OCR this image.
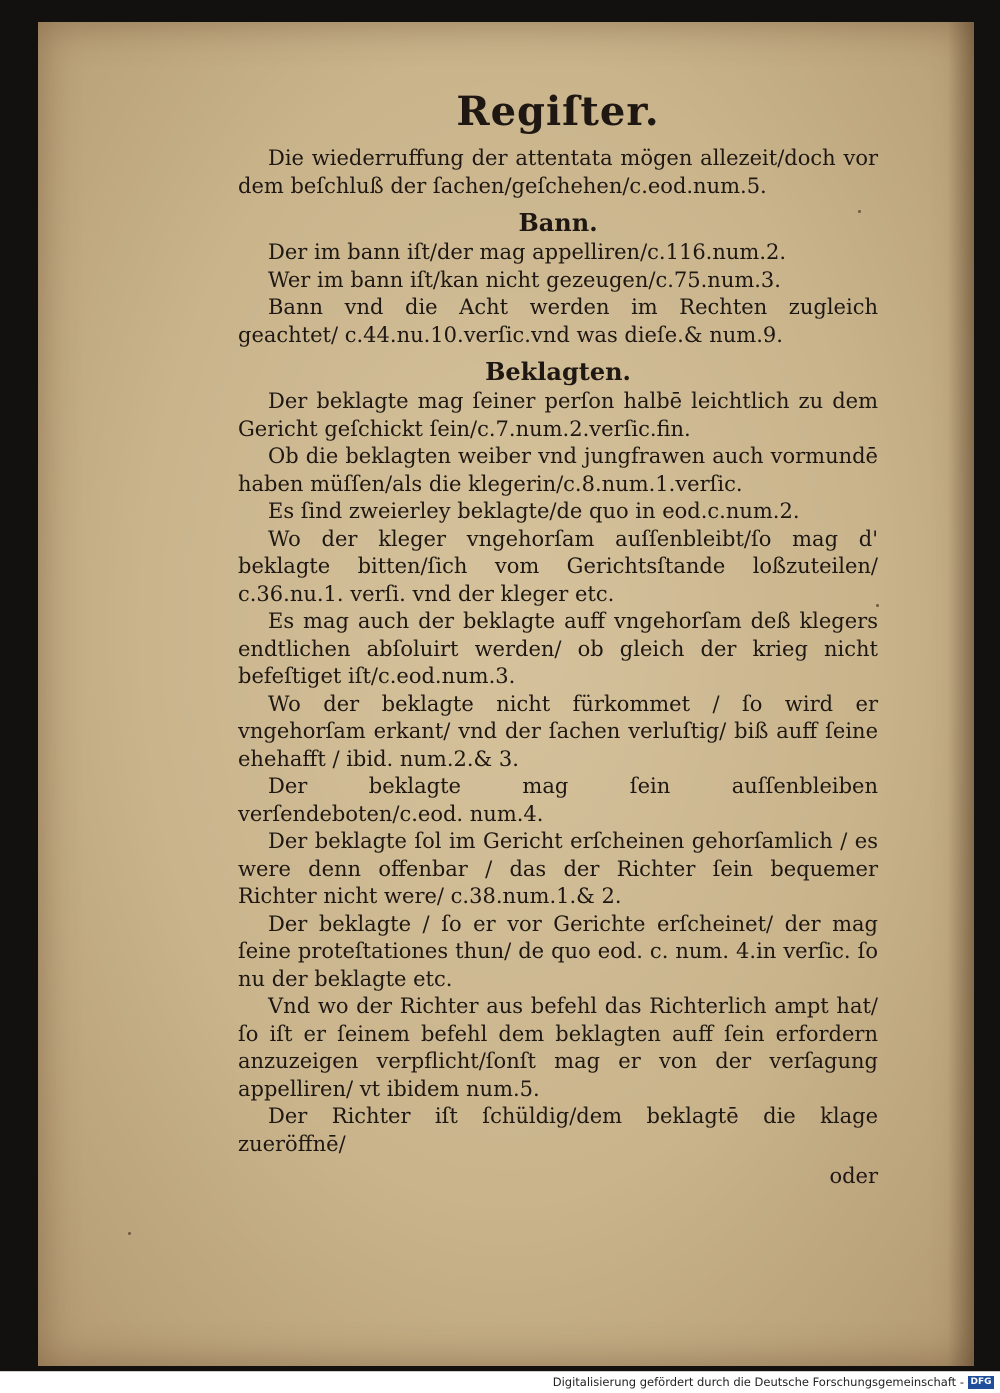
Regiſter.

Die wiederruffung der attentata mögen allezeit/doch vor dem beſchluß der ſachen/geſchehen/c.eod.num.5.

Bann.

Der im bann iſt/der mag appelliren/c.116.num.2.

Wer im bann iſt/kan nicht gezeugen/c.75.num.3.

Bann vnd die Acht werden im Rechten zugleich geachtet/ c.44.nu.10.verſic.vnd was dieſe.& num.9.

Beklagten.

Der beklagte mag ſeiner perſon halbē leichtlich zu dem Gericht geſchickt ſein/c.7.num.2.verſic.fin.

Ob die beklagten weiber vnd jungfrawen auch vormundē haben müſſen/als die klegerin/c.8.num.1.verſic.

Es ſind zweierley beklagte/de quo in eod.c.num.2.

Wo der kleger vngehorſam auſſenbleibt/ſo mag d' beklagte bitten/ſich vom Gerichtsſtande loßzuteilen/ c.36.nu.1. verſi. vnd der kleger etc.

Es mag auch der beklagte auff vngehorſam deß klegers endtlichen abſoluirt werden/ ob gleich der krieg nicht befeſtiget iſt/c.eod.num.3.

Wo der beklagte nicht fürkommet / ſo wird er vngehorſam erkant/ vnd der ſachen verluſtig/ biß auff ſeine ehehafft / ibid. num.2.& 3.

Der beklagte mag ſein auſſenbleiben verſendeboten/c.eod. num.4.

Der beklagte ſol im Gericht erſcheinen gehorſamlich / es were denn offenbar / das der Richter ſein bequemer Richter nicht were/ c.38.num.1.& 2.

Der beklagte / ſo er vor Gerichte erſcheinet/ der mag ſeine proteſtationes thun/ de quo eod. c. num. 4.in verſic. ſo nu der beklagte etc.

Vnd wo der Richter aus befehl das Richterlich ampt hat/ ſo iſt er ſeinem befehl dem beklagten auff ſein erfordern anzuzeigen verpflicht/ſonſt mag er von der verſagung appelliren/ vt ibidem num.5.

Der Richter iſt ſchüldig/dem beklagtē die klage zueröffnē/

oder
Digitalisierung gefördert durch die Deutsche Forschungsgemeinschaft - DFG
